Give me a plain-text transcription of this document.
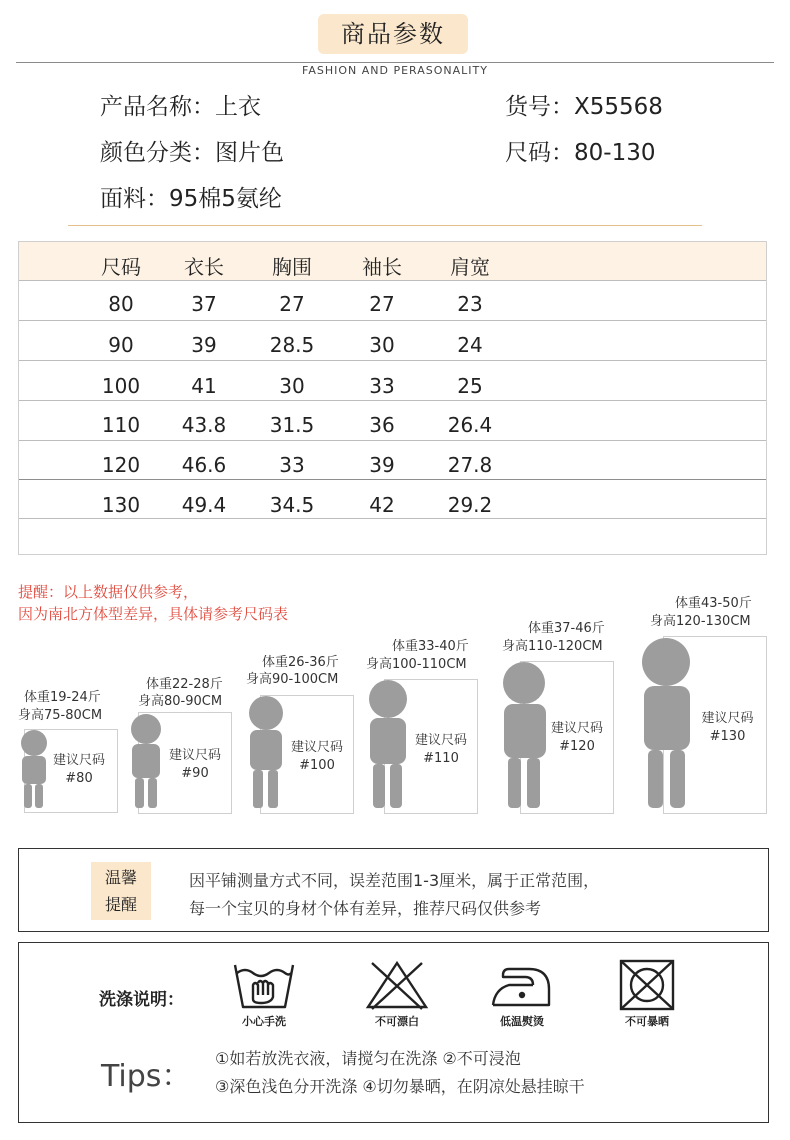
商品参数
FASHION AND PERASONALITY
产品名称：上衣	货号：X55568
颜色分类：图片色	尺码：80-130
面料：95棉5氨纶
尺码	衣长	胸围	袖长	肩宽
80	37	27	27	23
90	39	28.5	30	24
100	41	30	33	25
110	43.8	31.5	36	26.4
120	46.6	33	39	27.8
130	49.4	34.5	42	29.2
提醒：以上数据仅供参考，
因为南北方体型差异，具体请参考尺码表
体重19-24斤
身高75-80CM
建议尺码
#80
体重22-28斤
身高80-90CM
建议尺码
#90
体重26-36斤
身高90-100CM
建议尺码
#100
体重33-40斤
身高100-110CM
建议尺码
#110
体重37-46斤
身高110-120CM
建议尺码
#120
体重43-50斤
身高120-130CM
建议尺码
#130
温馨
提醒
因平铺测量方式不同，误差范围1-3厘米，属于正常范围，
每一个宝贝的身材个体有差异，推荐尺码仅供参考
洗涤说明：
小心手洗	不可漂白	低温熨烫	不可暴晒
Tips：
①如若放洗衣液，请搅匀在洗涤 ②不可浸泡
③深色浅色分开洗涤 ④切勿暴晒，在阴凉处悬挂晾干
